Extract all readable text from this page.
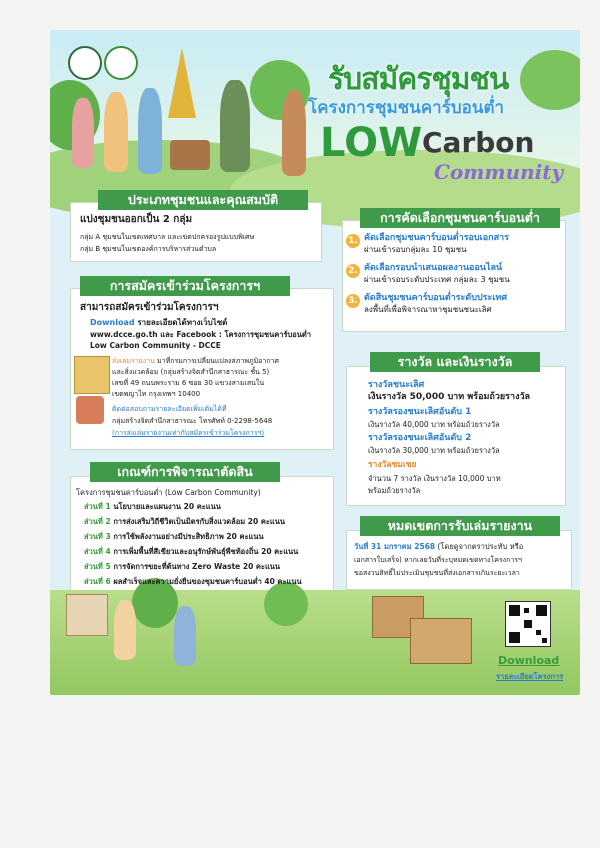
รับสมัครชุมชน
โครงการชุมชนคาร์บอนต่ำ
LOW Carbon
Community
ประเภทชุมชนและคุณสมบัติ
แบ่งชุมชนออกเป็น 2 กลุ่ม
กลุ่ม A ชุมชนในเขตเทศบาล และเขตปกครองรูปแบบพิเศษ
กลุ่ม B ชุมชนในเขตองค์การบริหารส่วนตำบล
การสมัครเข้าร่วมโครงการฯ
สามารถสมัครเข้าร่วมโครงการฯ
Download รายละเอียดได้ทางเว็บไซต์
www.dcce.go.th และ Facebook : โครงการชุมชนคาร์บอนต่ำ
Low Carbon Community - DCCE
ส่งเล่มรายงาน มาที่กรมการเปลี่ยนแปลงสภาพภูมิอากาศ
และสิ่งแวดล้อม (กลุ่มสร้างจิตสำนึกสาธารณะ ชั้น 5)
เลขที่ 49 ถนนพระราม 6 ซอย 30 แขวงสามเสนใน
เขตพญาไท กรุงเทพฯ 10400
ติดต่อสอบถามรายละเอียดเพิ่มเติมได้ที่
กลุ่มสร้างจิตสำนึกสาธารณะ โทรศัพท์ 0-2298-5648
(การส่งเล่มรายงานเท่ากับสมัครเข้าร่วมโครงการฯ)
เกณฑ์การพิจารณาตัดสิน
โครงการชุมชนคาร์บอนต่ำ (Low Carbon Community)
การคัดเลือกชุมชนคาร์บอนต่ำ
รางวัล และเงินรางวัล
รางวัลชนะเลิศ
เงินรางวัล 50,000 บาท พร้อมถ้วยรางวัล
รางวัลรองชนะเลิศอันดับ 1
เงินรางวัล 40,000 บาท พร้อมถ้วยรางวัล
รางวัลรองชนะเลิศอันดับ 2
เงินรางวัล 30,000 บาท พร้อมถ้วยรางวัล
รางวัลชมเชย
จำนวน 7 รางวัล เงินรางวัล 10,000 บาท
พร้อมถ้วยรางวัล
หมดเขตการรับเล่มรายงาน
วันที่ 31 มกราคม 2568 (โดยดูจากตราประทับ หรือ
เอกสารใบเสร็จ) หากเลยวันที่ระบุหมดเขตทางโครงการฯ
ขอสงวนสิทธิ์ไม่ประเมินชุมชนที่ส่งเอกสารเกินระยะเวลา
Download
รายละเอียดโครงการ
ส่วนที่ 1 นโยบายและแผนงาน 20 คะแนน
ส่วนที่ 2 การส่งเสริมวิถีชีวิตเป็นมิตรกับสิ่งแวดล้อม 20 คะแนน
ส่วนที่ 3 การใช้พลังงานอย่างมีประสิทธิภาพ 20 คะแนน
ส่วนที่ 4 การเพิ่มพื้นที่สีเขียวและอนุรักษ์พันธุ์พืชท้องถิ่น 20 คะแนน
ส่วนที่ 5 การจัดการขยะที่ต้นทาง Zero Waste 20 คะแนน
ส่วนที่ 6 ผลสำเร็จและความยั่งยืนของชุมชนคาร์บอนต่ำ 40 คะแนน
1. คัดเลือกชุมชนคาร์บอนต่ำรอบเอกสาร
ผ่านเข้ารอบกลุ่มละ 10 ชุมชน
2. คัดเลือกรอบนำเสนอผลงานออนไลน์
ผ่านเข้ารอบระดับประเทศ กลุ่มละ 3 ชุมชน
3. ตัดสินชุมชนคาร์บอนต่ำระดับประเทศ
ลงพื้นที่เพื่อพิจารณาหาชุมชนชนะเลิศ
